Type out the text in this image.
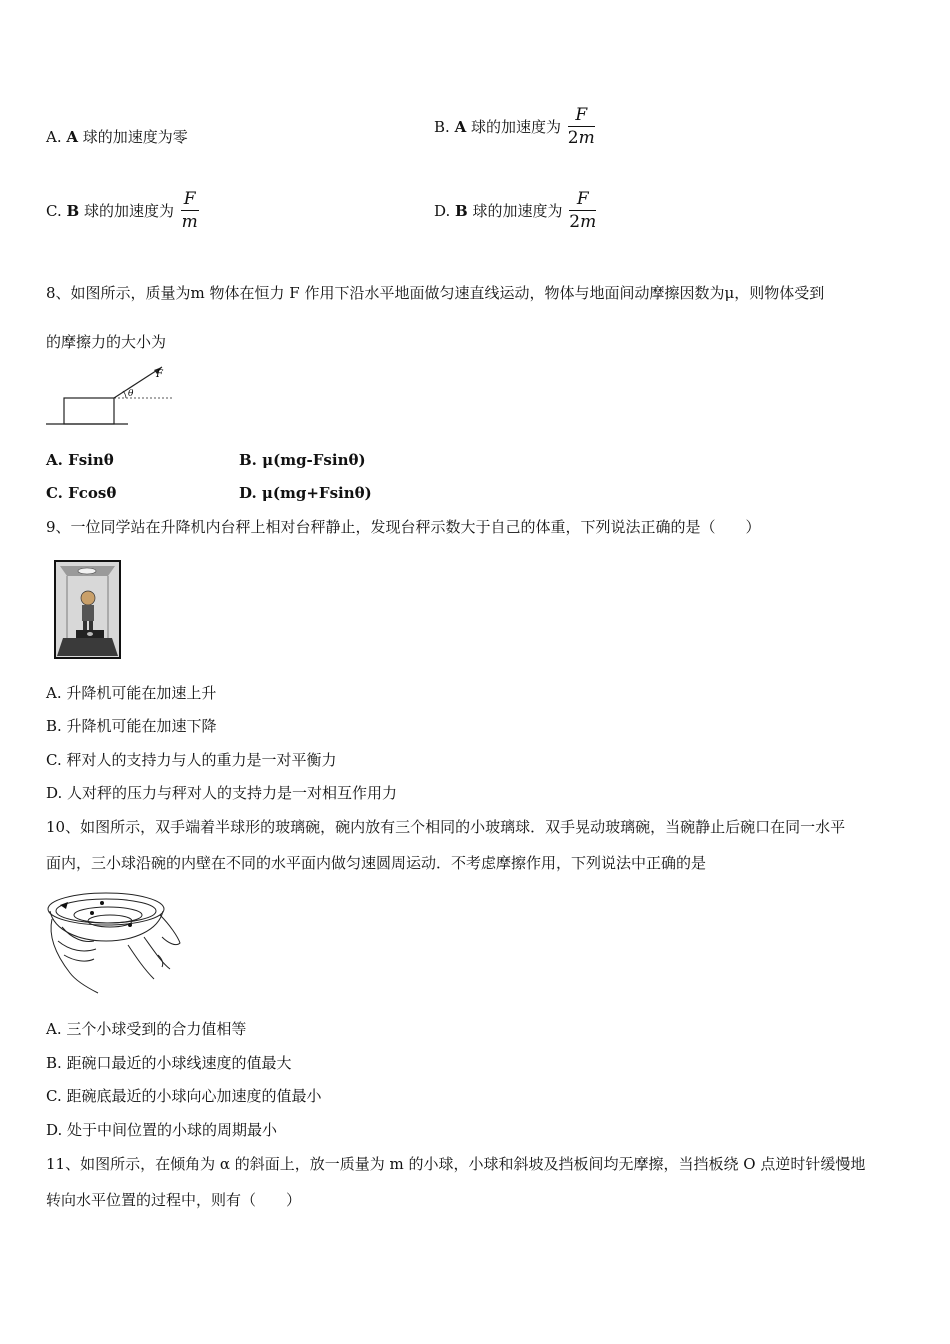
A. A 球的加速度为零
B. A 球的加速度为 $\frac{F}{2m}$
C. B 球的加速度为 $\frac{F}{m}$	D. B 球的加速度为 $\frac{F}{2m}$
8、如图所示，质量为m 物体在恒力 F 作用下沿水平地面做匀速直线运动，物体与地面间动摩擦因数为μ，则物体受到
的摩擦力的大小为
F
θ
A. Fsinθ	B. μ(mg-Fsinθ)
C. Fcosθ	D. μ(mg+Fsinθ)
9、一位同学站在升降机内台秤上相对台秤静止，发现台秤示数大于自己的体重，下列说法正确的是（　　）
A. 升降机可能在加速上升
B. 升降机可能在加速下降
C. 秤对人的支持力与人的重力是一对平衡力
D. 人对秤的压力与秤对人的支持力是一对相互作用力
10、如图所示，双手端着半球形的玻璃碗，碗内放有三个相同的小玻璃球．双手晃动玻璃碗，当碗静止后碗口在同一水平
面内，三小球沿碗的内壁在不同的水平面内做匀速圆周运动．不考虑摩擦作用，下列说法中正确的是
A. 三个小球受到的合力值相等
B. 距碗口最近的小球线速度的值最大
C. 距碗底最近的小球向心加速度的值最小
D. 处于中间位置的小球的周期最小
11、如图所示，在倾角为 α 的斜面上，放一质量为 m 的小球，小球和斜坡及挡板间均无摩擦，当挡板绕 O 点逆时针缓慢地
转向水平位置的过程中，则有（　　）
